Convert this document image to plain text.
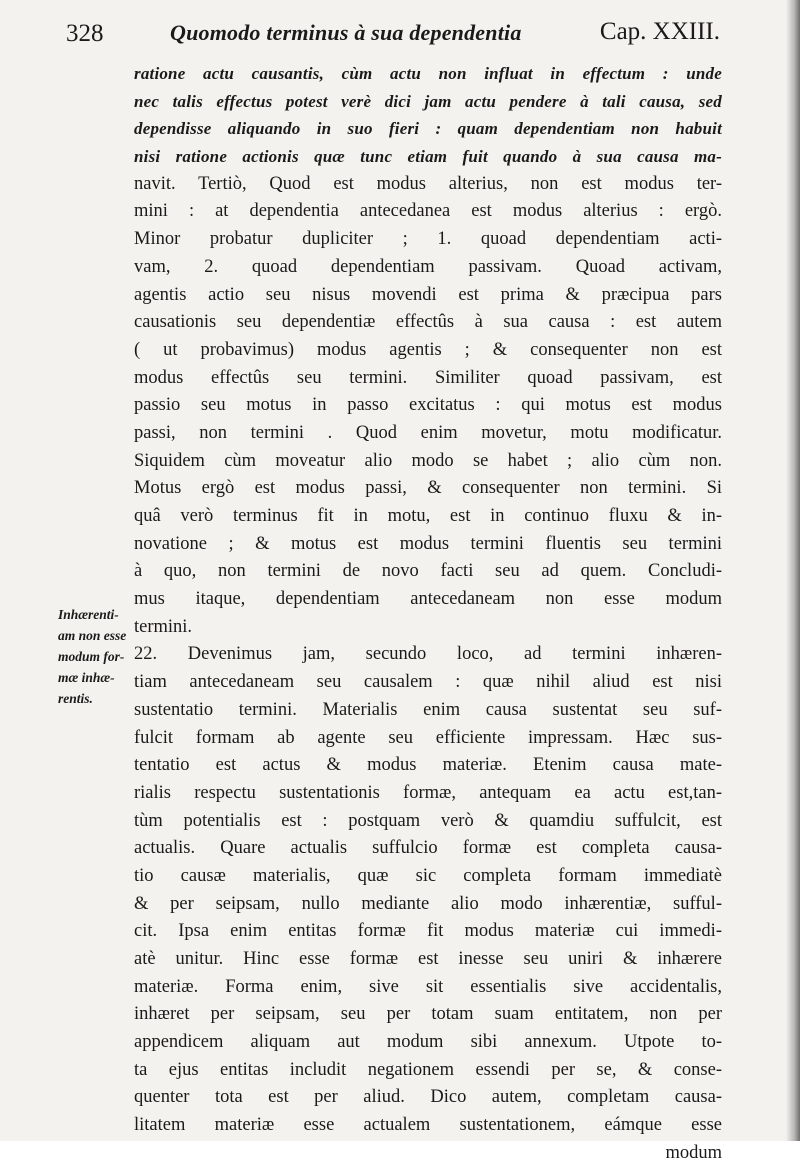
328	Quomodo terminus à sua dependentia	Cap. XXIII.
Inhærenti-
am non esse
modum for-
mæ inhæ-
rentis.
ratione actu causantis, cùm actu non influat in effectum : unde
nec talis effectus potest verè dici jam actu pendere à tali causa, sed
dependisse aliquando in suo fieri : quam dependentiam non habuit
nisi ratione actionis quæ tunc etiam fuit quando à sua causa ma-
navit. Tertiò, Quod est modus alterius, non est modus ter-
mini : at dependentia antecedanea est modus alterius : ergò.
Minor probatur dupliciter ; 1. quoad dependentiam acti-
vam, 2. quoad dependentiam passivam. Quoad activam,
agentis actio seu nisus movendi est prima & præcipua pars
causationis seu dependentiæ effectûs à sua causa : est autem
( ut probavimus) modus agentis ; & consequenter non est
modus effectûs seu termini. Similiter quoad passivam, est
passio seu motus in passo excitatus : qui motus est modus
passi, non termini . Quod enim movetur, motu modificatur.
Siquidem cùm moveatur alio modo se habet ; alio cùm non.
Motus ergò est modus passi, & consequenter non termini. Si
quâ verò terminus fit in motu, est in continuo fluxu & in-
novatione ; & motus est modus termini fluentis seu termini
à quo, non termini de novo facti seu ad quem. Concludi-
mus itaque, dependentiam antecedaneam non esse modum
termini.
22. Devenimus jam, secundo loco, ad termini inhæren-
tiam antecedaneam seu causalem : quæ nihil aliud est nisi
sustentatio termini. Materialis enim causa sustentat seu suf-
fulcit formam ab agente seu efficiente impressam. Hæc sus-
tentatio est actus & modus materiæ. Etenim causa mate-
rialis respectu sustentationis formæ, antequam ea actu est,tan-
tùm potentialis est : postquam verò & quamdiu suffulcit, est
actualis. Quare actualis suffulcio formæ est completa causa-
tio causæ materialis, quæ sic completa formam immediatè
& per seipsam, nullo mediante alio modo inhærentiæ, sufful-
cit. Ipsa enim entitas formæ fit modus materiæ cui immedi-
atè unitur. Hinc esse formæ est inesse seu uniri & inhærere
materiæ. Forma enim, sive sit essentialis sive accidentalis,
inhæret per seipsam, seu per totam suam entitatem, non per
appendicem aliquam aut modum sibi annexum. Utpote to-
ta ejus entitas includit negationem essendi per se, & conse-
quenter tota est per aliud. Dico autem, completam causa-
litatem materiæ esse actualem sustentationem, eámque esse
modum
